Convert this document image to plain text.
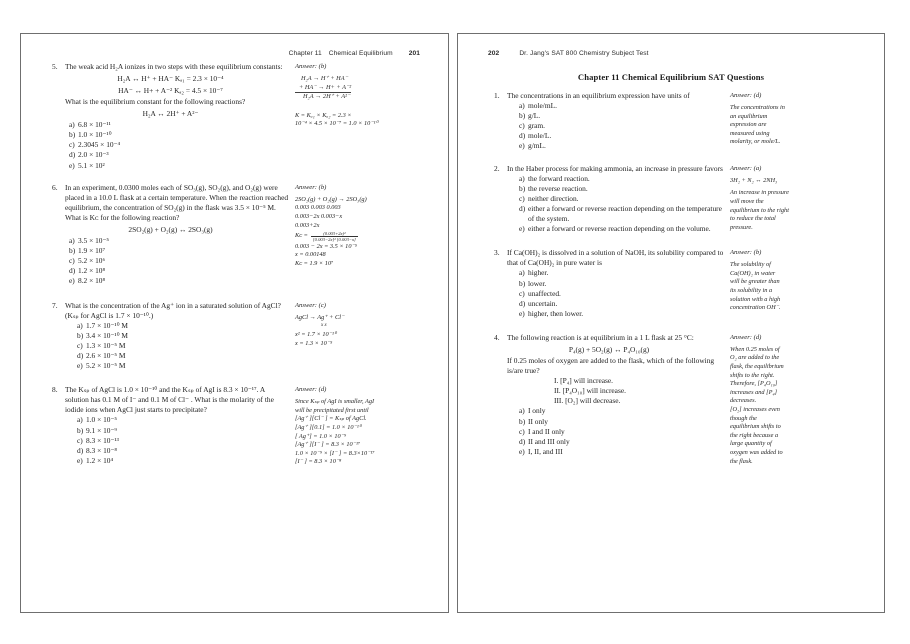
Chapter 11 Chemical Equilibrium 201
5.	The weak acid H₂A ionizes in two steps with these equilibrium constants:
H₂A ↔ H⁺ + HA⁻ Kₐ₁ = 2.3 × 10⁻⁴
HA⁻ ↔ H+ + A⁻² Kₐ₂ = 4.5 × 10⁻⁷
What is the equilibrium constant for the following reactions?
H₂A ↔ 2H⁺ + A²⁻
a) 6.8 × 10⁻¹¹
b) 1.0 × 10⁻¹⁰
c) 2.3045 × 10⁻⁴
d) 2.0 × 10⁻³
e) 5.1 × 10²
Answer: (b)
H₂A → H⁺ + HA⁻
+ HA⁻ → H+ + A⁻²
H₂A → 2H⁺ + A²⁻
K = Kₐ₁ × Kₐ₂ = 2.3 ×
10⁻⁴ × 4.5 × 10⁻⁷ = 1.0 × 10⁻¹⁰
6.	In an experiment, 0.0300 moles each of SO₃(g), SO₂(g), and O₂(g) were placed in a 10.0 L flask at a certain temperature. When the reaction reached equilibrium, the concentration of SO₂(g) in the flask was 3.5 × 10⁻⁵ M. What is Kᴄ for the following reaction?
2SO₂(g) + O₂(g) ↔ 2SO₃(g)
a) 3.5 × 10⁻⁵
b) 1.9 × 10⁷
c) 5.2 × 10⁶
d) 1.2 × 10⁸
e) 8.2 × 10⁸
Answer: (b)
2SO₂(g) + O₂(g) → 2SO₃(g)
0.003 0.003 0.003
0.003−2x 0.003−x
0.003+2x
Kᴄ = $\frac{\text{(0.003+2x)²}}{\text{[0.003−2x]² [0.003−x]}}$
0.003 − 2x = 3.5 × 10⁻⁵
x = 0.00148
Kᴄ = 1.9 × 10⁷
7.	What is the concentration of the Ag⁺ ion in a saturated solution of AgCl? (Kₛₚ for AgCl is 1.7 × 10⁻¹⁰.)
a) 1.7 × 10⁻¹⁰ M
b) 3.4 × 10⁻¹⁰ M
c) 1.3 × 10⁻⁵ M
d) 2.6 × 10⁻⁵ M
e) 5.2 × 10⁻⁵ M
Answer: (c)
AgCl → Ag⁺ + Cl⁻
x x
x² = 1.7 × 10⁻¹⁰
x = 1.3 × 10⁻⁵
8.	The Kₛₚ of AgCl is 1.0 × 10⁻¹⁰ and the Kₛₚ of AgI is 8.3 × 10⁻¹⁷. A solution has 0.1 M of I⁻ and 0.1 M of Cl⁻ . What is the molarity of the iodide ions when AgCl just starts to precipitate?
a) 1.0 × 10⁻⁵
b) 9.1 × 10⁻⁹
c) 8.3 × 10⁻¹³
d) 8.3 × 10⁻⁸
e) 1.2 × 10⁴
Answer: (d)
Since Kₛₚ of AgI is smaller, AgI
will be precipitated first until
[Ag⁺ ][Cl⁻ ] = Kₛₚ of AgCl.
[Ag⁺ ][0.1] = 1.0 × 10⁻¹⁰
[ Ag⁺] = 1.0 × 10⁻⁹
[Ag⁺ ][I⁻ ] = 8.3 × 10⁻¹⁷
1.0 × 10⁻⁹ × [I⁻ ] = 8.3×10⁻¹⁷
[I⁻ ] = 8.3 × 10⁻⁸
202	Dr. Jang's SAT 800 Chemistry Subject Test
Chapter 11 Chemical Equilibrium SAT Questions
1.	The concentrations in an equilibrium expression have units of
a) mole/mL.
b) g/L.
c) gram.
d) mole/L.
e) g/mL.
Answer: (d)
The concentrations in
an equilibrium
expression are
measured using
molarity, or mole/L.
2.	In the Haber process for making ammonia, an increase in pressure favors
a) the forward reaction.
b) the reverse reaction.
c) neither direction.
d) either a forward or reverse reaction depending on the temperature of the system.
e) either a forward or reverse reaction depending on the volume.
Answer: (a)
3H₂ + N₂ ↔ 2NH₃
An increase in pressure
will move the
equilibrium to the right
to reduce the total
pressure.
3.	If Ca(OH)₂ is dissolved in a solution of NaOH, its solubility compared to that of Ca(OH)₂ in pure water is
a) higher.
b) lower.
c) unaffected.
d) uncertain.
e) higher, then lower.
Answer: (b)
The solubility of
Ca(OH)₂ in water
will be greater than
its solubility in a
solution with a high
concentration OH⁻.
4.	The following reaction is at equilibrium in a 1 L flask at 25 °C:
P₄(g) + 5O₂(g) ↔ P₄O₁₀(g)
If 0.25 moles of oxygen are added to the flask, which of the following is/are true?
I. [P₄] will increase.
II. [P₄O₁₀] will increase.
III. [O₂] will decrease.
a) I only
b) II only
c) I and II only
d) II and III only
e) I, II, and III
Answer: (d)
When 0.25 moles of
O₂ are added to the
flask, the equilibrium
shifts to the right.
Therefore, [P₄O₁₀]
increases and [P₄]
decreases.
[O₂] increases even
though the
equilibrium shifts to
the right because a
large quantity of
oxygen was added to
the flask.
